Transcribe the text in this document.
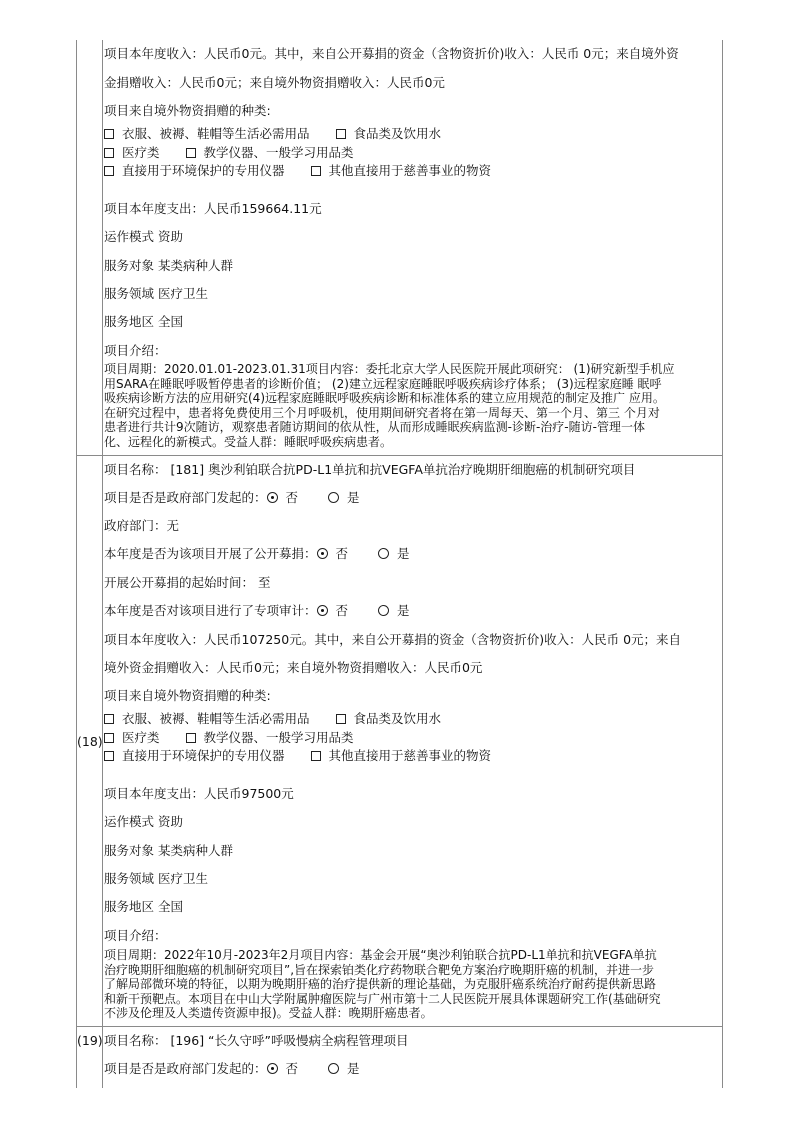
项目本年度收入：人民币0元。其中，来自公开募捐的资金（含物资折价)收入：人民币 0元；来自境外资
金捐赠收入：人民币0元；来自境外物资捐赠收入：人民币0元
项目来自境外物资捐赠的种类:
衣服、被褥、鞋帽等生活必需用品	食品类及饮用水
医疗类	教学仪器、一般学习用品类
直接用于环境保护的专用仪器	其他直接用于慈善事业的物资
项目本年度支出：人民币159664.11元
运作模式 资助
服务对象 某类病种人群
服务领域 医疗卫生
服务地区 全国
项目介绍：
项目周期：2020.01.01-2023.01.31项目内容：委托北京大学人民医院开展此项研究： (1)研究新型手机应
用SARA在睡眠呼吸暂停患者的诊断价值； (2)建立远程家庭睡眠呼吸疾病诊疗体系； (3)远程家庭睡 眠呼
吸疾病诊断方法的应用研究(4)远程家庭睡眠呼吸疾病诊断和标准体系的建立应用规范的制定及推广 应用。
在研究过程中，患者将免费使用三个月呼吸机，使用期间研究者将在第一周每天、第一个月、第三 个月对
患者进行共计9次随访，观察患者随访期间的依从性，从而形成睡眠疾病监测-诊断-治疗-随访-管理一体
化、远程化的新模式。受益人群：睡眠呼吸疾病患者。
(18)
项目名称： [181] 奥沙利铂联合抗PD-L1单抗和抗VEGFA单抗治疗晚期肝细胞癌的机制研究项目
项目是否是政府部门发起的： 否	是
政府部门：无
本年度是否为该项目开展了公开募捐： 否	是
开展公开募捐的起始时间： 至
本年度是否对该项目进行了专项审计： 否	是
项目本年度收入：人民币107250元。其中，来自公开募捐的资金（含物资折价)收入：人民币 0元；来自
境外资金捐赠收入：人民币0元；来自境外物资捐赠收入：人民币0元
项目来自境外物资捐赠的种类:
衣服、被褥、鞋帽等生活必需用品	食品类及饮用水
医疗类	教学仪器、一般学习用品类
直接用于环境保护的专用仪器	其他直接用于慈善事业的物资
项目本年度支出：人民币97500元
运作模式 资助
服务对象 某类病种人群
服务领域 医疗卫生
服务地区 全国
项目介绍：
项目周期：2022年10月-2023年2月项目内容：基金会开展“奥沙利铂联合抗PD-L1单抗和抗VEGFA单抗
治疗晚期肝细胞癌的机制研究项目”,旨在探索铂类化疗药物联合靶免方案治疗晚期肝癌的机制，并进一步
了解局部微环境的特征，以期为晚期肝癌的治疗提供新的理论基础，为克服肝癌系统治疗耐药提供新思路
和新干预靶点。本项目在中山大学附属肿瘤医院与广州市第十二人民医院开展具体课题研究工作(基础研究
不涉及伦理及人类遗传资源申报)。受益人群：晚期肝癌患者。
(19) 项目名称： [196] “长久守呼”呼吸慢病全病程管理项目
项目是否是政府部门发起的： 否	是
